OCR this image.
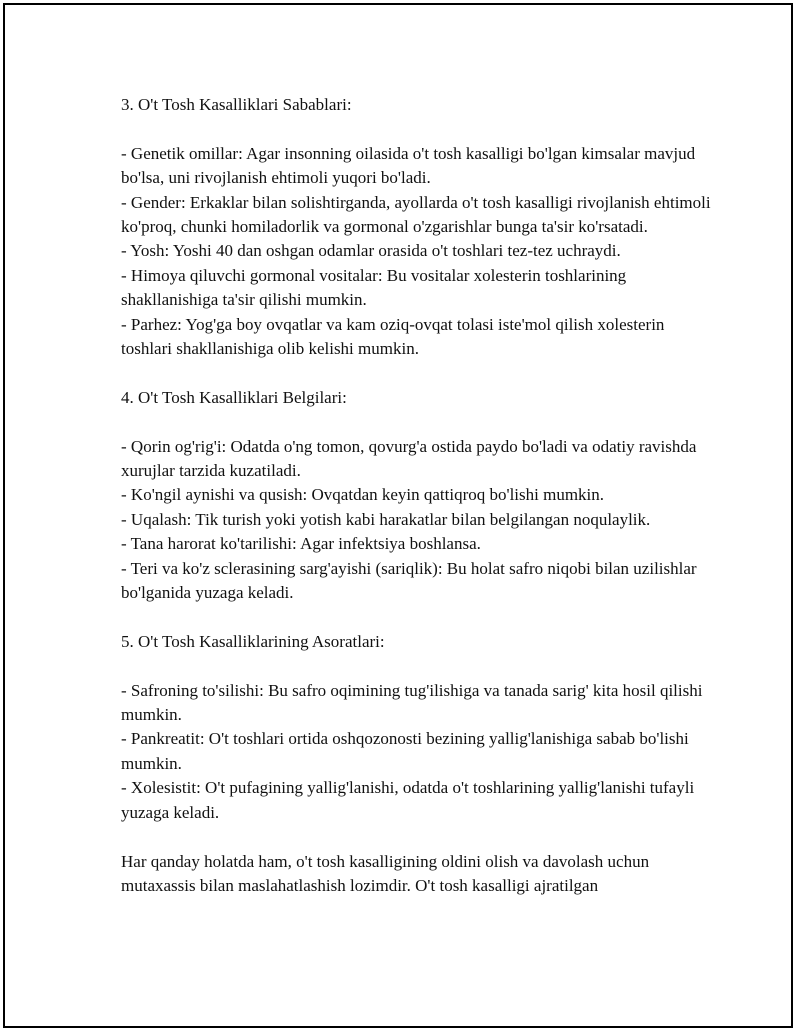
3. O't Tosh Kasalliklari Sabablari:

- Genetik omillar: Agar insonning oilasida o't tosh kasalligi bo'lgan kimsalar mavjud bo'lsa, uni rivojlanish ehtimoli yuqori bo'ladi.

- Gender: Erkaklar bilan solishtirganda, ayollarda o't tosh kasalligi rivojlanish ehtimoli ko'proq, chunki homiladorlik va gormonal o'zgarishlar bunga ta'sir ko'rsatadi.

- Yosh: Yoshi 40 dan oshgan odamlar orasida o't toshlari tez-tez uchraydi.

- Himoya qiluvchi gormonal vositalar: Bu vositalar xolesterin toshlarining shakllanishiga ta'sir qilishi mumkin.

- Parhez: Yog'ga boy ovqatlar va kam oziq-ovqat tolasi iste'mol qilish xolesterin toshlari shakllanishiga olib kelishi mumkin.

4. O't Tosh Kasalliklari Belgilari:

- Qorin og'rig'i: Odatda o'ng tomon, qovurg'a ostida paydo bo'ladi va odatiy ravishda xurujlar tarzida kuzatiladi.

- Ko'ngil aynishi va qusish: Ovqatdan keyin qattiqroq bo'lishi mumkin.

- Uqalash: Tik turish yoki yotish kabi harakatlar bilan belgilangan noqulaylik.

- Tana harorat ko'tarilishi: Agar infektsiya boshlansa.

- Teri va ko'z sclerasining sarg'ayishi (sariqlik): Bu holat safro niqobi bilan uzilishlar bo'lganida yuzaga keladi.

5. O't Tosh Kasalliklarining Asoratlari:

- Safroning to'silishi: Bu safro oqimining tug'ilishiga va tanada sarig' kita hosil qilishi mumkin.

- Pankreatit: O't toshlari ortida oshqozonosti bezining yallig'lanishiga sabab bo'lishi mumkin.

- Xolesistit: O't pufagining yallig'lanishi, odatda o't toshlarining yallig'lanishi tufayli yuzaga keladi.

Har qanday holatda ham, o't tosh kasalligining oldini olish va davolash uchun mutaxassis bilan maslahatlashish lozimdir. O't tosh kasalligi ajratilgan
